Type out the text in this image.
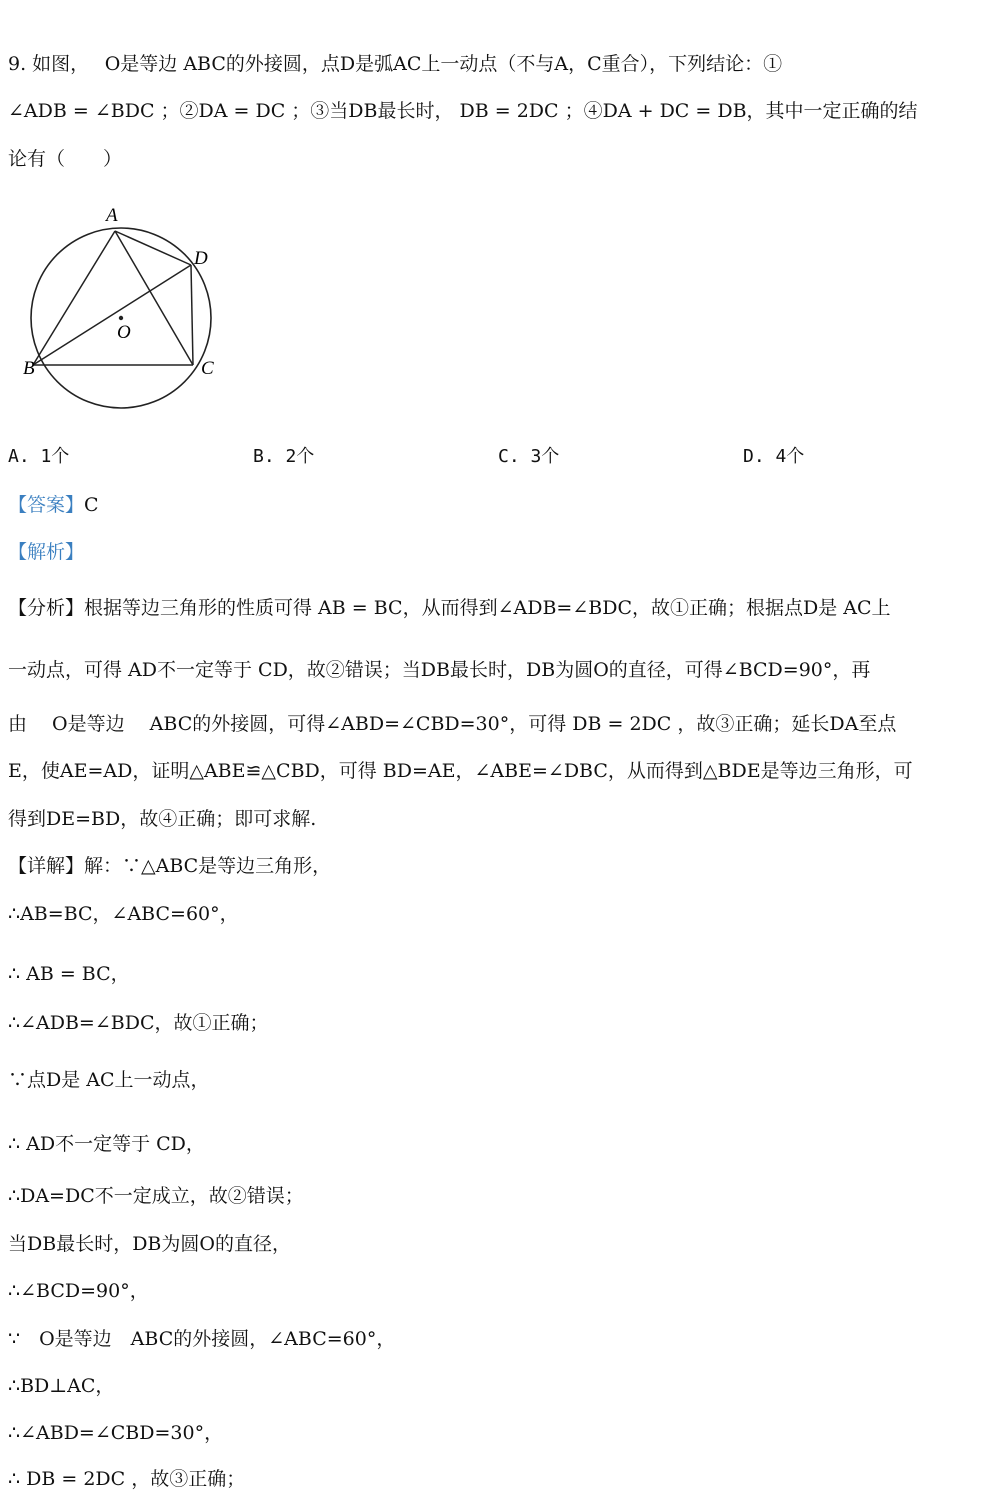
9. 如图，　 O是等边 ABC的外接圆，点D是弧AC上一动点（不与A，C重合），下列结论：①
∠ADB = ∠BDC ；②DA = DC ；③当DB最长时， DB = 2DC ；④DA + DC = DB，其中一定正确的结
论有（　　）
A
D
O
B	C
A. 1个	B. 2个	C. 3个	D. 4个
【答案】C
【解析】
【分析】根据等边三角形的性质可得 AB = BC，从而得到∠ADB=∠BDC，故①正确；根据点D是 AC上
一动点，可得 AD不一定等于 CD，故②错误；当DB最长时，DB为圆O的直径，可得∠BCD=90°，再
由　 O是等边　 ABC的外接圆，可得∠ABD=∠CBD=30°，可得 DB = 2DC ，故③正确；延长DA至点
E，使AE=AD，证明△ABE≌△CBD，可得 BD=AE，∠ABE=∠DBC，从而得到△BDE是等边三角形，可
得到DE=BD，故④正确；即可求解.
【详解】解：∵△ABC是等边三角形，
∴AB=BC，∠ABC=60°，
∴ AB = BC，
∴∠ADB=∠BDC，故①正确；
∵点D是 AC上一动点，
∴ AD不一定等于 CD，
∴DA=DC不一定成立，故②错误；
当DB最长时，DB为圆O的直径，
∴∠BCD=90°，
∵　O是等边　ABC的外接圆，∠ABC=60°，
∴BD⊥AC，
∴∠ABD=∠CBD=30°，
∴ DB = 2DC ，故③正确；
